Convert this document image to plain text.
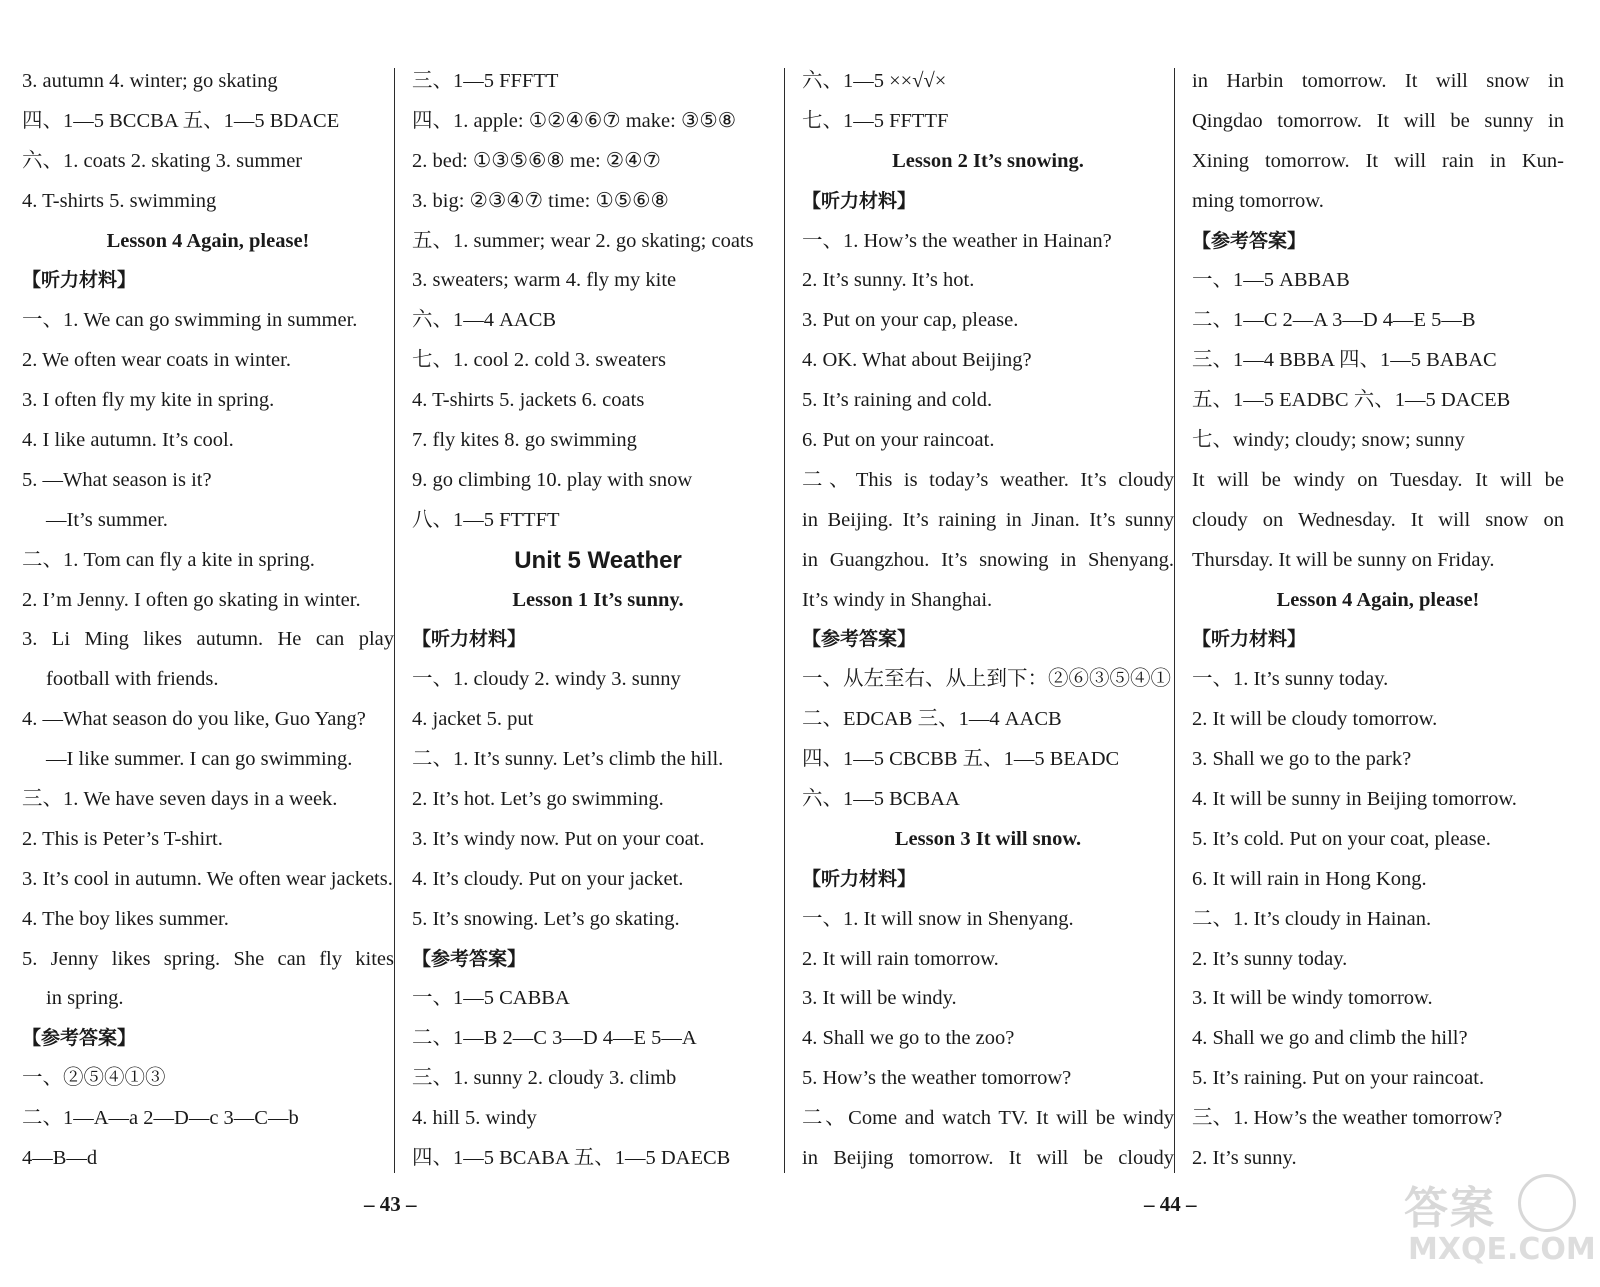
3. autumn 4. winter; go skating
四、1—5 BCCBA 五、1—5 BDACE
六、1. coats 2. skating 3. summer
4. T-shirts 5. swimming
Lesson 4 Again, please!
【听力材料】
一、1. We can go swimming in summer.
2. We often wear coats in winter.
3. I often fly my kite in spring.
4. I like autumn. It’s cool.
5. —What season is it?
—It’s summer.
二、1. Tom can fly a kite in spring.
2. I’m Jenny. I often go skating in winter.
3. Li Ming likes autumn. He can play
football with friends.
4. —What season do you like, Guo Yang?
—I like summer. I can go swimming.
三、1. We have seven days in a week.
2. This is Peter’s T-shirt.
3. It’s cool in autumn. We often wear jackets.
4. The boy likes summer.
5. Jenny likes spring. She can fly kites
in spring.
【参考答案】
一、②⑤④①③
二、1—A—a 2—D—c 3—C—b
4—B—d
三、1—5 FFFTT
四、1. apple: ①②④⑥⑦ make: ③⑤⑧
2. bed: ①③⑤⑥⑧ me: ②④⑦
3. big: ②③④⑦ time: ①⑤⑥⑧
五、1. summer; wear 2. go skating; coats
3. sweaters; warm 4. fly my kite
六、1—4 AACB
七、1. cool 2. cold 3. sweaters
4. T-shirts 5. jackets 6. coats
7. fly kites 8. go swimming
9. go climbing 10. play with snow
八、1—5 FTTFT
Unit 5 Weather
Lesson 1 It’s sunny.
【听力材料】
一、1. cloudy 2. windy 3. sunny
4. jacket 5. put
二、1. It’s sunny. Let’s climb the hill.
2. It’s hot. Let’s go swimming.
3. It’s windy now. Put on your coat.
4. It’s cloudy. Put on your jacket.
5. It’s snowing. Let’s go skating.
【参考答案】
一、1—5 CABBA
二、1—B 2—C 3—D 4—E 5—A
三、1. sunny 2. cloudy 3. climb
4. hill 5. windy
四、1—5 BCABA 五、1—5 DAECB
六、1—5 ××√√×
七、1—5 FFTTF
Lesson 2 It’s snowing.
【听力材料】
一、1. How’s the weather in Hainan?
2. It’s sunny. It’s hot.
3. Put on your cap, please.
4. OK. What about Beijing?
5. It’s raining and cold.
6. Put on your raincoat.
二、This is today’s weather. It’s cloudy
in Beijing. It’s raining in Jinan. It’s sunny
in Guangzhou. It’s snowing in Shenyang.
It’s windy in Shanghai.
【参考答案】
一、从左至右、从上到下：②⑥③⑤④①
二、EDCAB 三、1—4 AACB
四、1—5 CBCBB 五、1—5 BEADC
六、1—5 BCBAA
Lesson 3 It will snow.
【听力材料】
一、1. It will snow in Shenyang.
2. It will rain tomorrow.
3. It will be windy.
4. Shall we go to the zoo?
5. How’s the weather tomorrow?
二、Come and watch TV. It will be windy
in Beijing tomorrow. It will be cloudy
in Harbin tomorrow. It will snow in
Qingdao tomorrow. It will be sunny in
Xining tomorrow. It will rain in Kun-
ming tomorrow.
【参考答案】
一、1—5 ABBAB
二、1—C 2—A 3—D 4—E 5—B
三、1—4 BBBA 四、1—5 BABAC
五、1—5 EADBC 六、1—5 DACEB
七、windy; cloudy; snow; sunny
It will be windy on Tuesday. It will be
cloudy on Wednesday. It will snow on
Thursday. It will be sunny on Friday.
Lesson 4 Again, please!
【听力材料】
一、1. It’s sunny today.
2. It will be cloudy tomorrow.
3. Shall we go to the park?
4. It will be sunny in Beijing tomorrow.
5. It’s cold. Put on your coat, please.
6. It will rain in Hong Kong.
二、1. It’s cloudy in Hainan.
2. It’s sunny today.
3. It will be windy tomorrow.
4. Shall we go and climb the hill?
5. It’s raining. Put on your raincoat.
三、1. How’s the weather tomorrow?
2. It’s sunny.
– 43 –	– 44 –	答案
MXQE.COM
